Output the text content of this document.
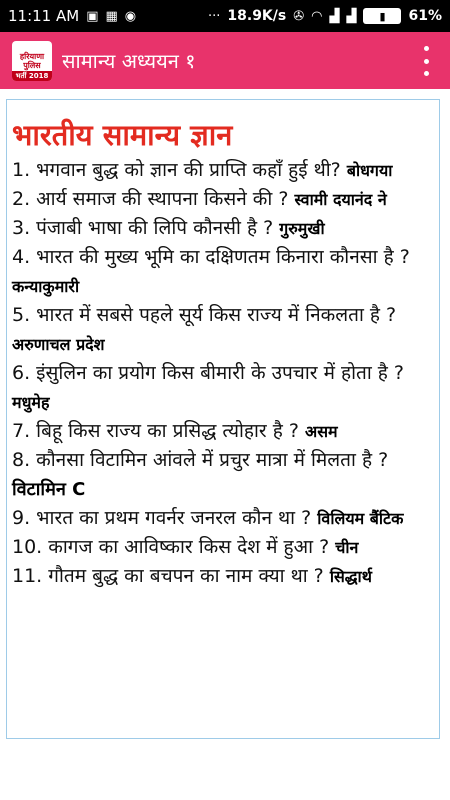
11:11 AM ▣ ▦ ◉	··· 18.9K/s ✇ ◠ ▟ ▟	▮	61%
हरियाणा
पुलिस
भर्ती 2018
सामान्य अध्ययन १
भारतीय सामान्य ज्ञान

1. भगवान बुद्ध को ज्ञान की प्राप्ति कहाँ हुई थी? बोधगया

2. आर्य समाज की स्थापना किसने की ? स्वामी दयानंद ने

3. पंजाबी भाषा की लिपि कौनसी है ? गुरुमुखी

4. भारत की मुख्य भूमि का दक्षिणतम किनारा कौनसा है ? कन्याकुमारी

5. भारत में सबसे पहले सूर्य किस राज्य में निकलता है ? अरुणाचल प्रदेश

6. इंसुलिन का प्रयोग किस बीमारी के उपचार में होता है ? मधुमेह

7. बिहू किस राज्य का प्रसिद्ध त्योहार है ? असम

8. कौनसा विटामिन आंवले में प्रचुर मात्रा में मिलता है ? विटामिन C

9. भारत का प्रथम गवर्नर जनरल कौन था ? विलियम बैंटिक

10. कागज का आविष्कार किस देश में हुआ ? चीन

11. गौतम बुद्ध का बचपन का नाम क्या था ? सिद्धार्थ
